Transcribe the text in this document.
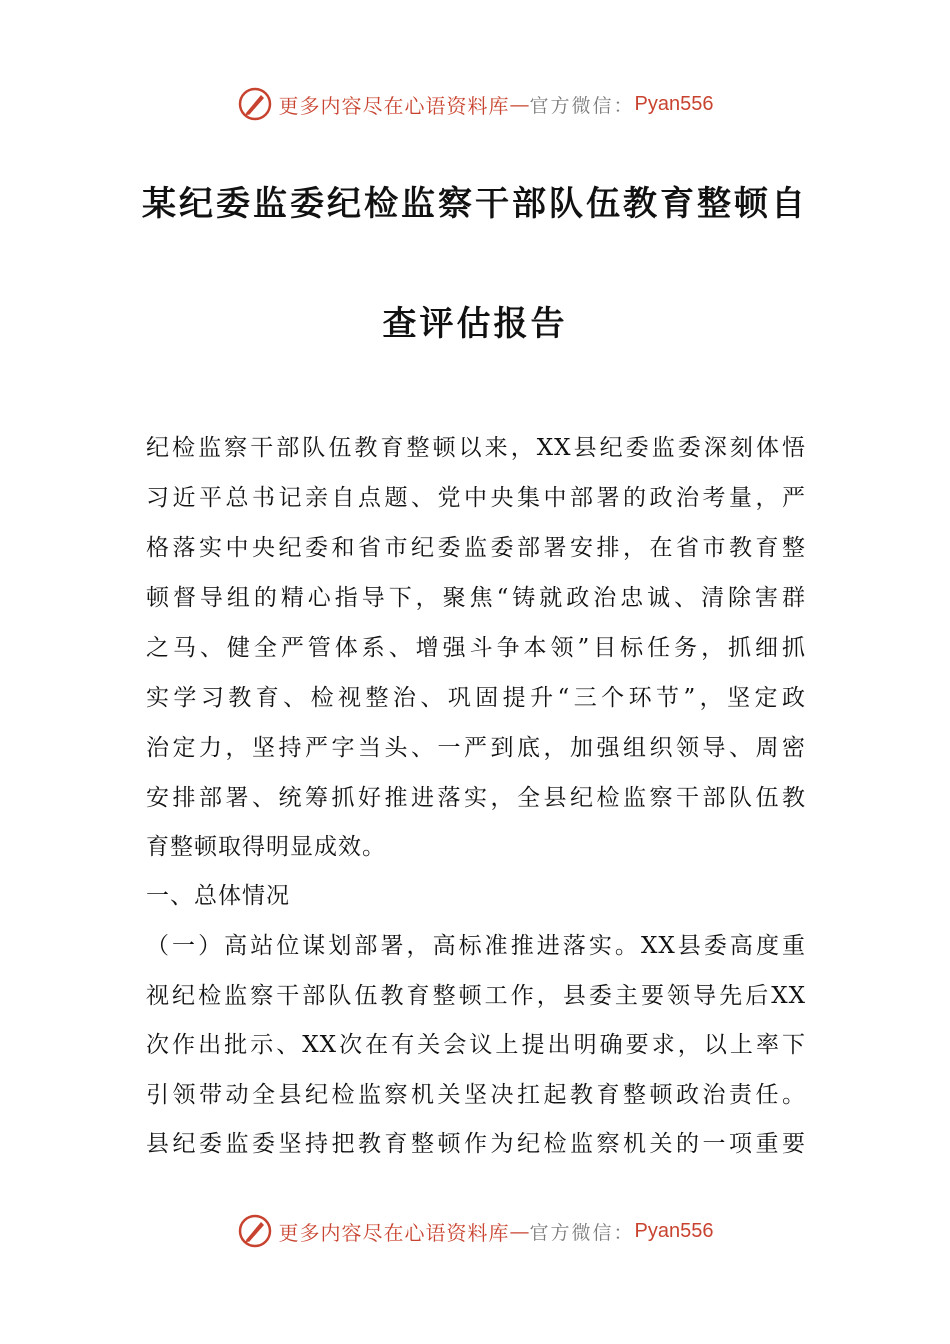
更多内容尽在心语资料库 — 官方微信： Pyan556
某纪委监委纪检监察干部队伍教育整顿自
查评估报告
纪检监察干部队伍教育整顿以来，XX县纪委监委深刻体悟
习近平总书记亲自点题、党中央集中部署的政治考量，严
格落实中央纪委和省市纪委监委部署安排，在省市教育整
顿督导组的精心指导下，聚焦“铸就政治忠诚、清除害群
之马、健全严管体系、增强斗争本领”目标任务，抓细抓
实学习教育、检视整治、巩固提升“三个环节”，坚定政
治定力，坚持严字当头、一严到底，加强组织领导、周密
安排部署、统筹抓好推进落实，全县纪检监察干部队伍教
育整顿取得明显成效。
一、总体情况
（一）高站位谋划部署，高标准推进落实。XX县委高度重
视纪检监察干部队伍教育整顿工作，县委主要领导先后XX
次作出批示、XX次在有关会议上提出明确要求，以上率下
引领带动全县纪检监察机关坚决扛起教育整顿政治责任。
县纪委监委坚持把教育整顿作为纪检监察机关的一项重要
更多内容尽在心语资料库 — 官方微信： Pyan556
